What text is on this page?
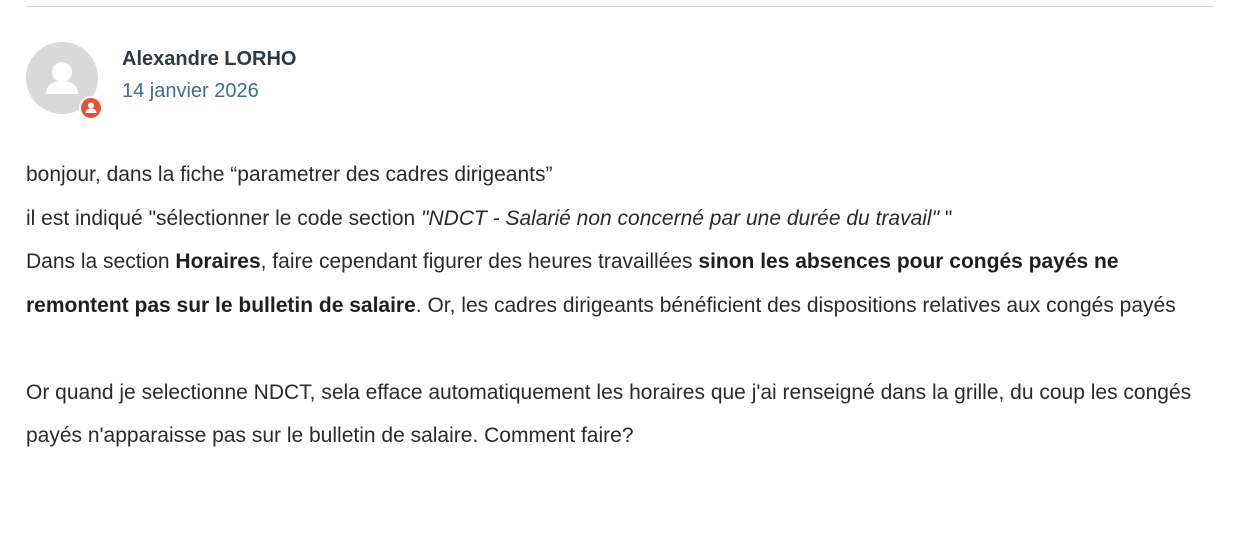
Alexandre LORHO
14 janvier 2026

bonjour, dans la fiche “parametrer des cadres dirigeants”

il est indiqué "sélectionner le code section "NDCT - Salarié non concerné par une durée du travail" "

Dans la section Horaires, faire cependant figurer des heures travaillées sinon les absences pour congés payés ne remontent pas sur le bulletin de salaire. Or, les cadres dirigeants bénéficient des dispositions relatives aux congés payés

Or quand je selectionne NDCT, sela efface automatiquement les horaires que j'ai renseigné dans la grille, du coup les congés payés n'apparaisse pas sur le bulletin de salaire. Comment faire?
